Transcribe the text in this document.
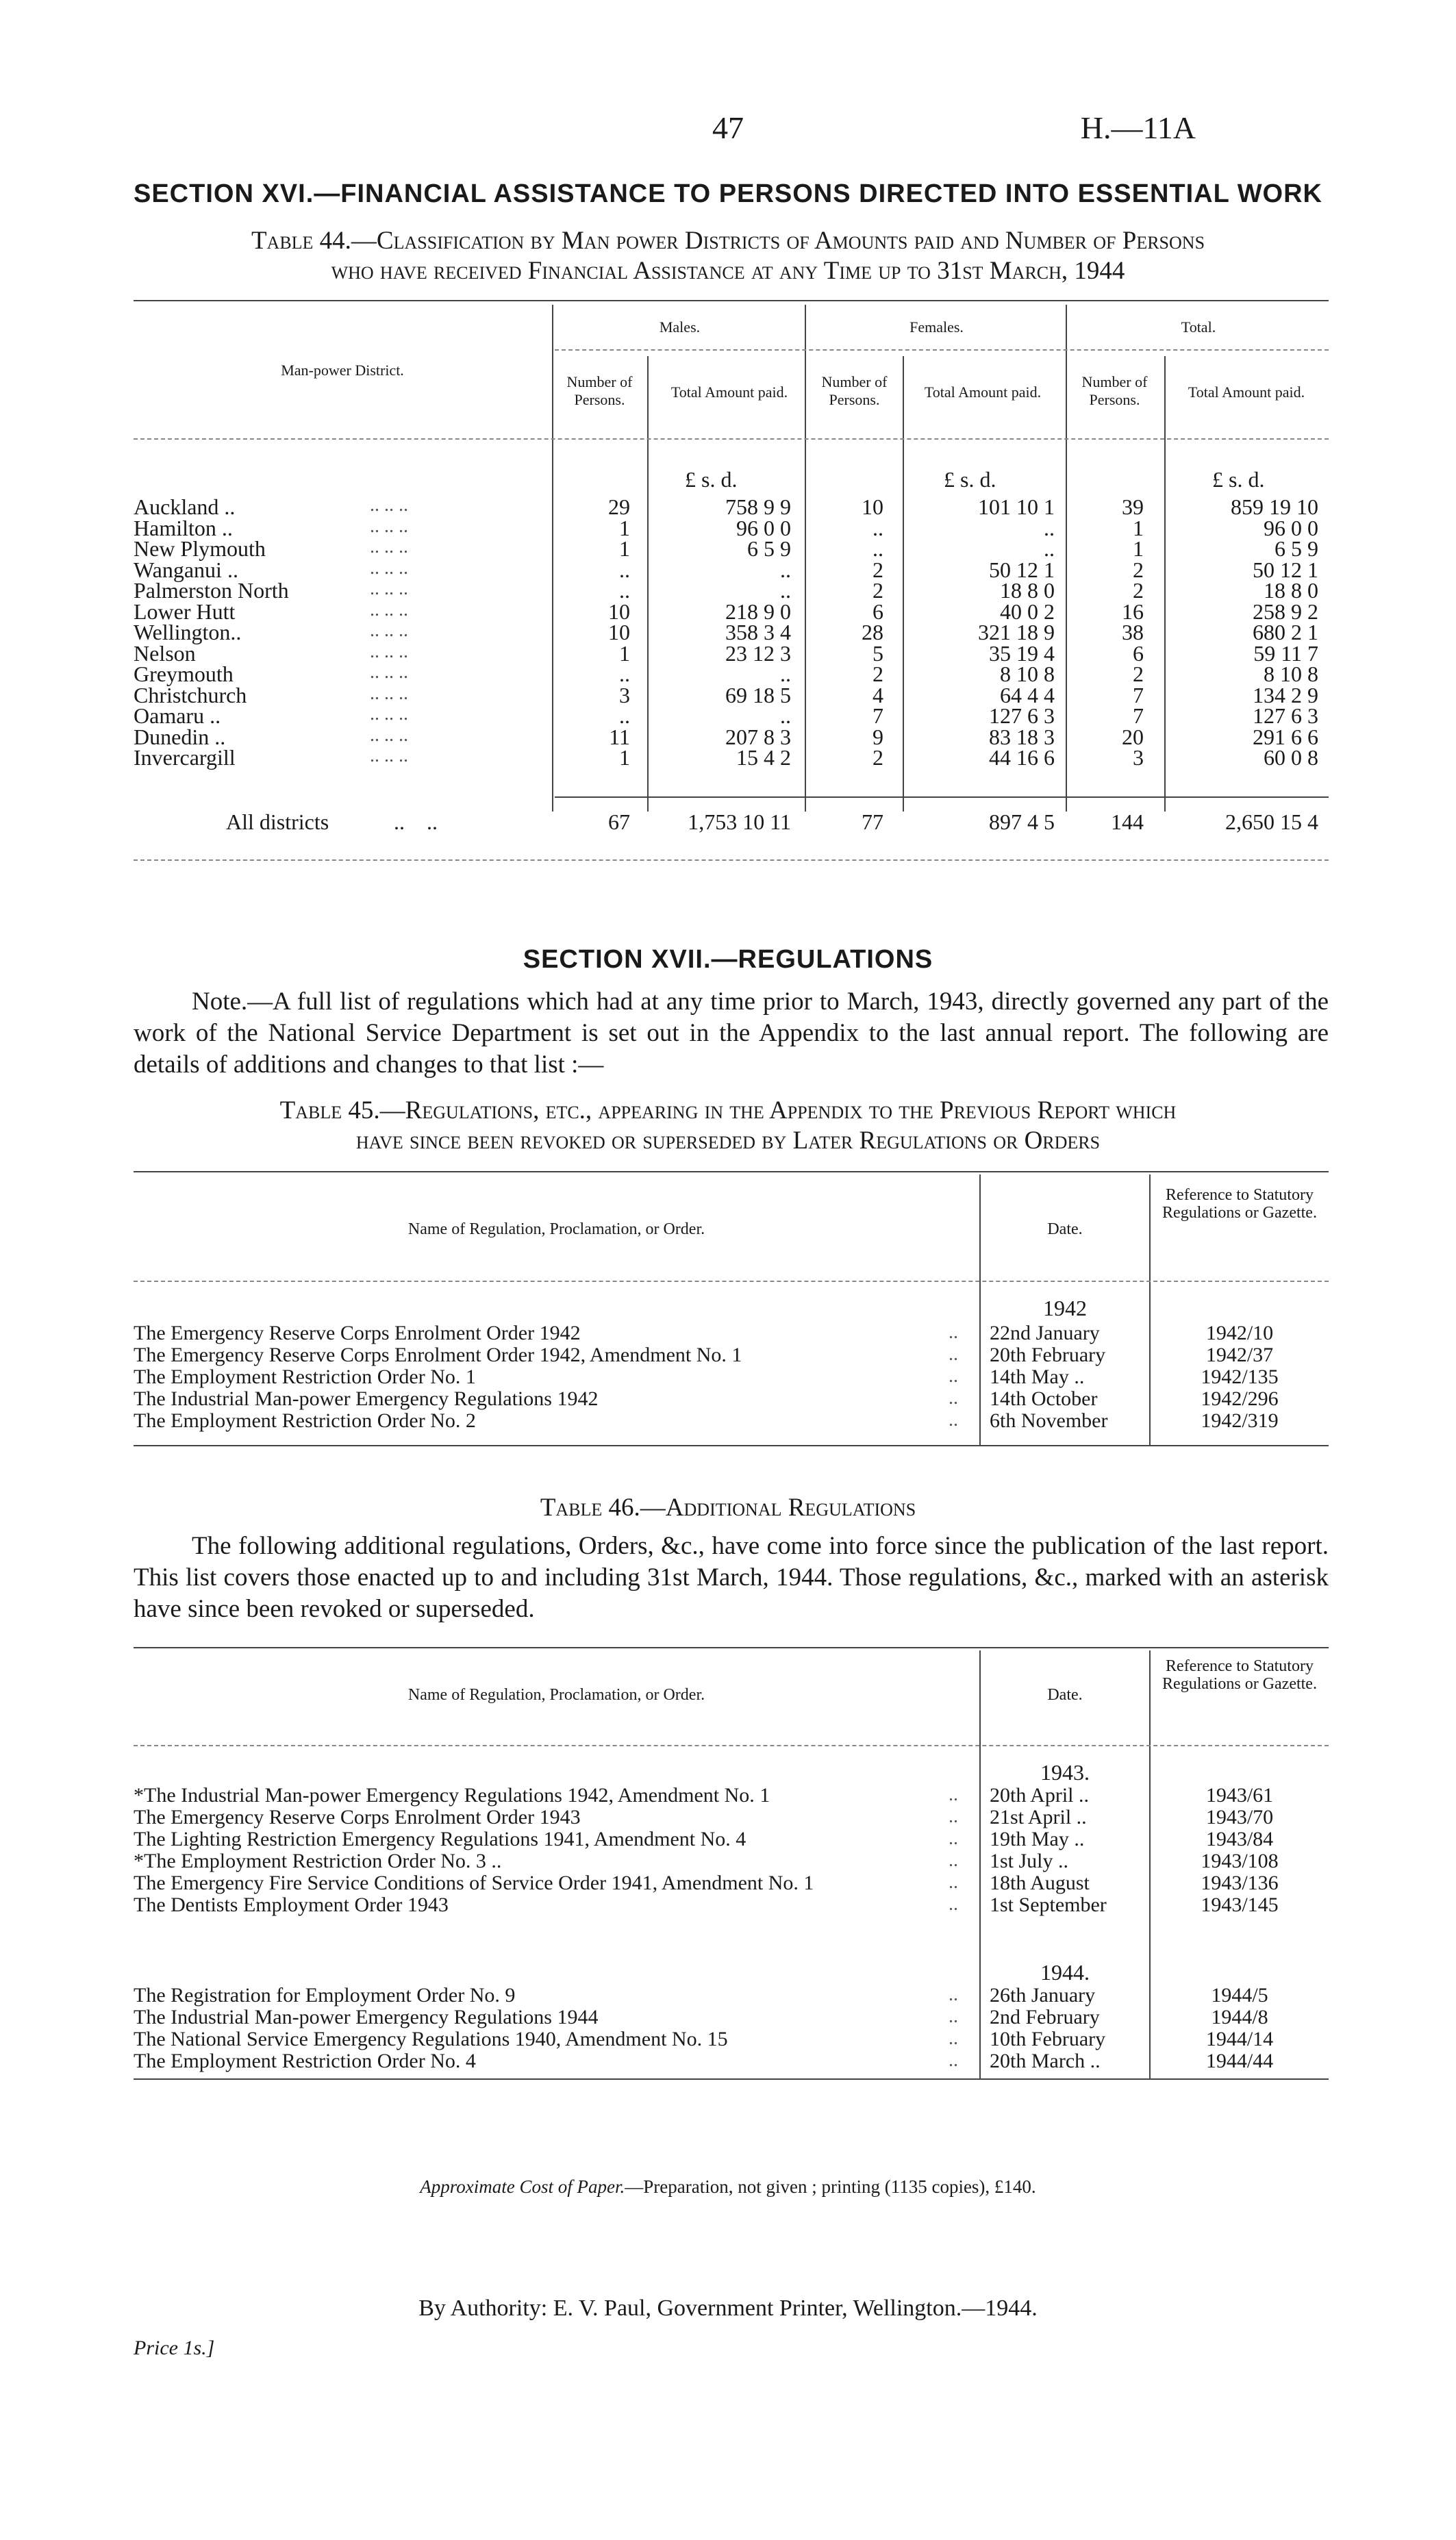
47	H.—11A
SECTION XVI.—FINANCIAL ASSISTANCE TO PERSONS DIRECTED INTO ESSENTIAL WORK
Table 44.—Classification by Man power Districts of Amounts paid and Number of Persons
who have received Financial Assistance at any Time up to 31st March, 1944
Man-power District.
Males.	Females.	Total.
Number of Persons.	Total Amount paid.
Number of Persons.	Total Amount paid.
Number of Persons.	Total Amount paid.
£ s. d.	£ s. d.	£ s. d.
Auckland ..	.. .. ..	29	758 9 9	10	101 10 1	39	859 19 10
Hamilton ..	.. .. ..	1	96 0 0	..	..	1	96 0 0
New Plymouth	.. .. ..	1	6 5 9	..	..	1	6 5 9
Wanganui ..	.. .. ..	..	..	2	50 12 1	2	50 12 1
Palmerston North	.. .. ..	..	..	2	18 8 0	2	18 8 0
Lower Hutt	.. .. ..	10	218 9 0	6	40 0 2	16	258 9 2
Wellington..	.. .. ..	10	358 3 4	28	321 18 9	38	680 2 1
Nelson	.. .. ..	1	23 12 3	5	35 19 4	6	59 11 7
Greymouth	.. .. ..	..	..	2	8 10 8	2	8 10 8
Christchurch	.. .. ..	3	69 18 5	4	64 4 4	7	134 2 9
Oamaru ..	.. .. ..	..	..	7	127 6 3	7	127 6 3
Dunedin ..	.. .. ..	11	207 8 3	9	83 18 3	20	291 6 6
Invercargill	.. .. ..	1	15 4 2	2	44 16 6	3	60 0 8
All districts	..    ..	67	1,753 10 11	77	897 4 5	144	2,650 15 4
SECTION XVII.—REGULATIONS
Note.—A full list of regulations which had at any time prior to March, 1943, directly governed any part of the work of the National Service Department is set out in the Appendix to the last annual report. The following are details of additions and changes to that list :—
Table 45.—Regulations, etc., appearing in the Appendix to the Previous Report which
have since been revoked or superseded by Later Regulations or Orders
Name of Regulation, Proclamation, or Order.	Date.
Reference to Statutory Regulations or Gazette.
1942
The Emergency Reserve Corps Enrolment Order 1942	.. 22nd January	1942/10
The Emergency Reserve Corps Enrolment Order 1942, Amendment No. 1	.. 20th February	1942/37
The Employment Restriction Order No. 1	.. 14th May ..	1942/135
The Industrial Man-power Emergency Regulations 1942	.. 14th October	1942/296
The Employment Restriction Order No. 2	.. 6th November	1942/319
Table 46.—Additional Regulations
The following additional regulations, Orders, &c., have come into force since the publication of the last report. This list covers those enacted up to and including 31st March, 1944. Those regulations, &c., marked with an asterisk have since been revoked or superseded.
Name of Regulation, Proclamation, or Order.	Date.
Reference to Statutory Regulations or Gazette.
1943.
*The Industrial Man-power Emergency Regulations 1942, Amendment No. 1	.. 20th April ..	1943/61
The Emergency Reserve Corps Enrolment Order 1943	.. 21st April ..	1943/70
The Lighting Restriction Emergency Regulations 1941, Amendment No. 4	.. 19th May ..	1943/84
*The Employment Restriction Order No. 3 ..	.. 1st July ..	1943/108
The Emergency Fire Service Conditions of Service Order 1941, Amendment No. 1	.. 18th August	1943/136
The Dentists Employment Order 1943	.. 1st September	1943/145
1944.
The Registration for Employment Order No. 9	.. 26th January	1944/5
The Industrial Man-power Emergency Regulations 1944	.. 2nd February	1944/8
The National Service Emergency Regulations 1940, Amendment No. 15	.. 10th February	1944/14
The Employment Restriction Order No. 4	.. 20th March ..	1944/44
Approximate Cost of Paper.—Preparation, not given ; printing (1135 copies), £140.
By Authority: E. V. Paul, Government Printer, Wellington.—1944.
Price 1s.]
